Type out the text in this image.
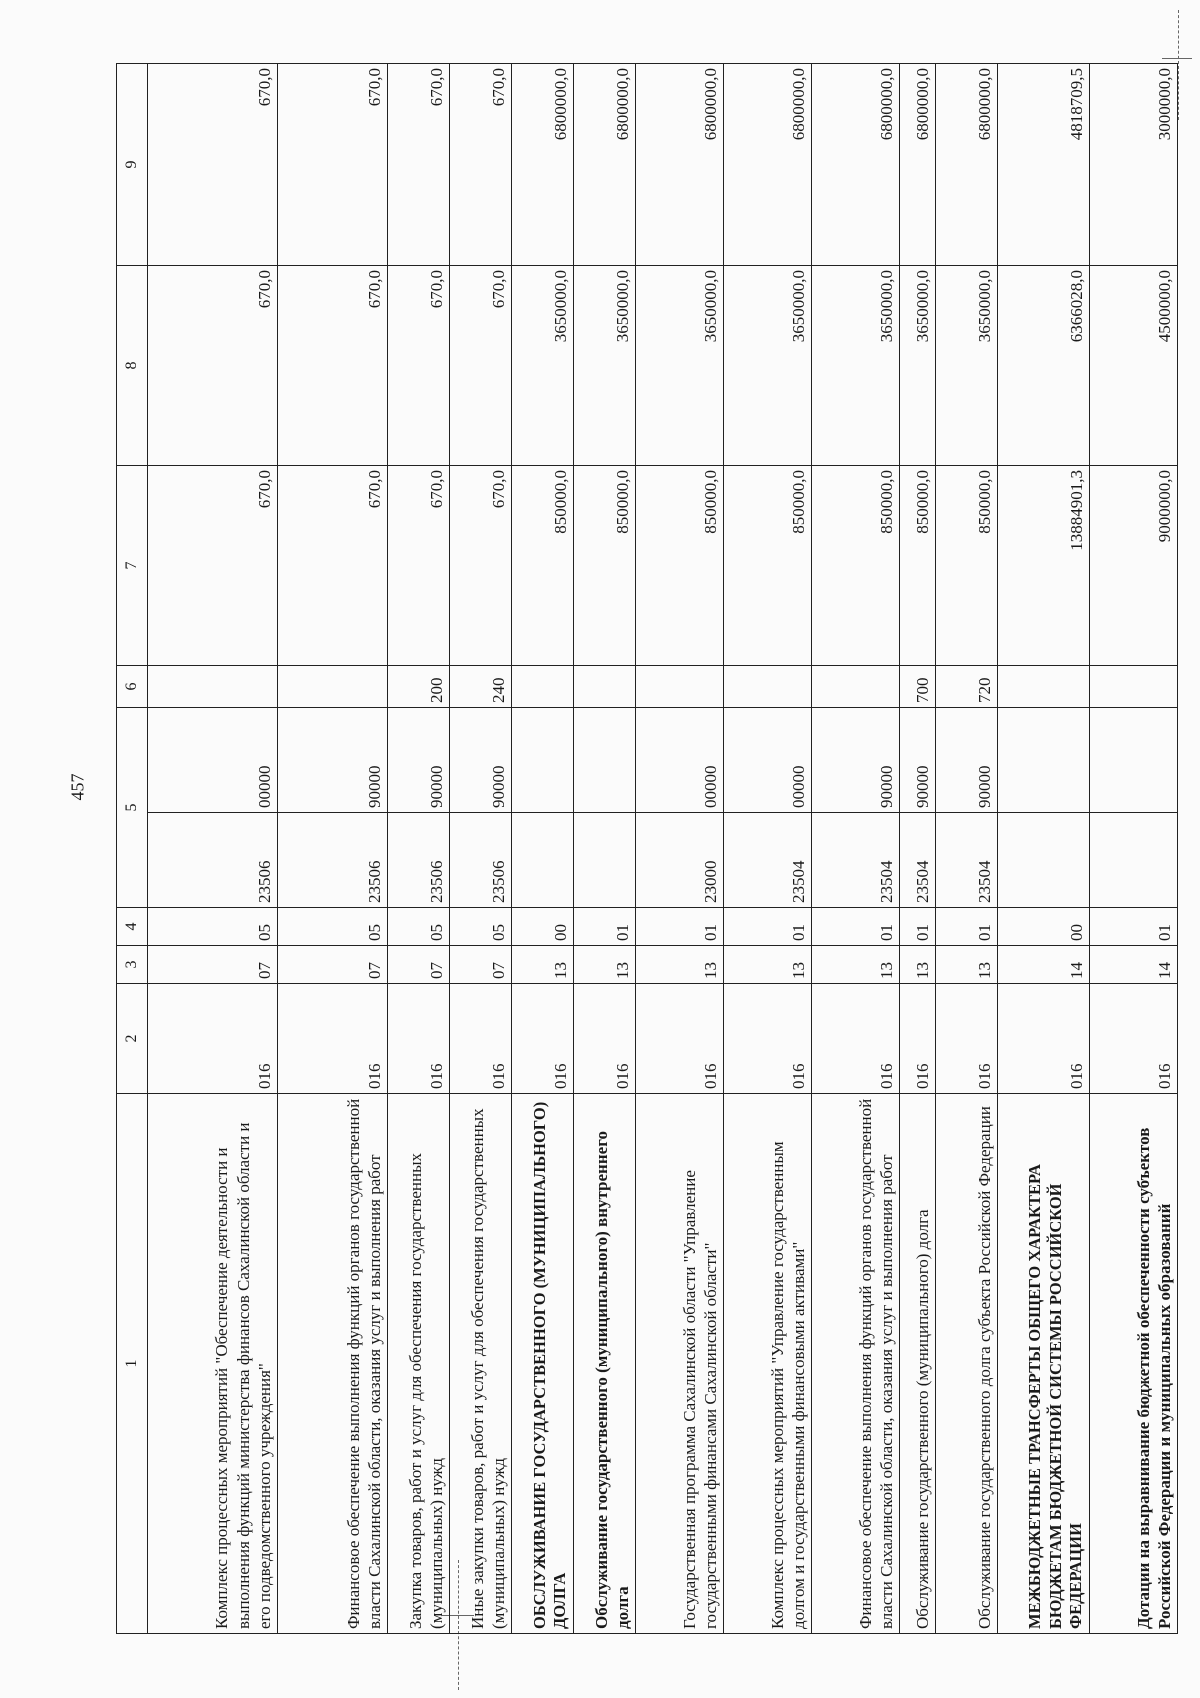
457
1	2	3	4	5		6	7	8	9
Комплекс процессных мероприятий "Обеспечение деятельности и выполнения функций министерства финансов Сахалинской области и его подведомственного учреждения"	016	07	05	23506	00000		670,0	670,0	670,0
Финансовое обеспечение выполнения функций органов государственной власти Сахалинской области, оказания услуг и выполнения работ	016	07	05	23506	90000		670,0	670,0	670,0
Закупка товаров, работ и услуг для обеспечения государственных (муниципальных) нужд	016	07	05	23506	90000	200	670,0	670,0	670,0
Иные закупки товаров, работ и услуг для обеспечения государственных (муниципальных) нужд	016	07	05	23506	90000	240	670,0	670,0	670,0
ОБСЛУЖИВАНИЕ ГОСУДАРСТВЕННОГО (МУНИЦИПАЛЬНОГО) ДОЛГА	016	13	00				850000,0	3650000,0	6800000,0
Обслуживание государственного (муниципального) внутреннего долга	016	13	01				850000,0	3650000,0	6800000,0
Государственная программа Сахалинской области "Управление государственными финансами Сахалинской области"	016	13	01	23000	00000		850000,0	3650000,0	6800000,0
Комплекс процессных мероприятий "Управление государственным долгом и государственными финансовыми активами"	016	13	01	23504	00000		850000,0	3650000,0	6800000,0
Финансовое обеспечение выполнения функций органов государственной власти Сахалинской области, оказания услуг и выполнения работ	016	13	01	23504	90000		850000,0	3650000,0	6800000,0
Обслуживание государственного (муниципального) долга	016	13	01	23504	90000	700	850000,0	3650000,0	6800000,0
Обслуживание государственного долга субъекта Российской Федерации	016	13	01	23504	90000	720	850000,0	3650000,0	6800000,0
МЕЖБЮДЖЕТНЫЕ ТРАНСФЕРТЫ ОБЩЕГО ХАРАКТЕРА БЮДЖЕТАМ БЮДЖЕТНОЙ СИСТЕМЫ РОССИЙСКОЙ ФЕДЕРАЦИИ	016	14	00				13884901,3	6366028,0	4818709,5
Дотации на выравнивание бюджетной обеспеченности субъектов Российской Федерации и муниципальных образований	016	14	01				9000000,0	4500000,0	3000000,0
